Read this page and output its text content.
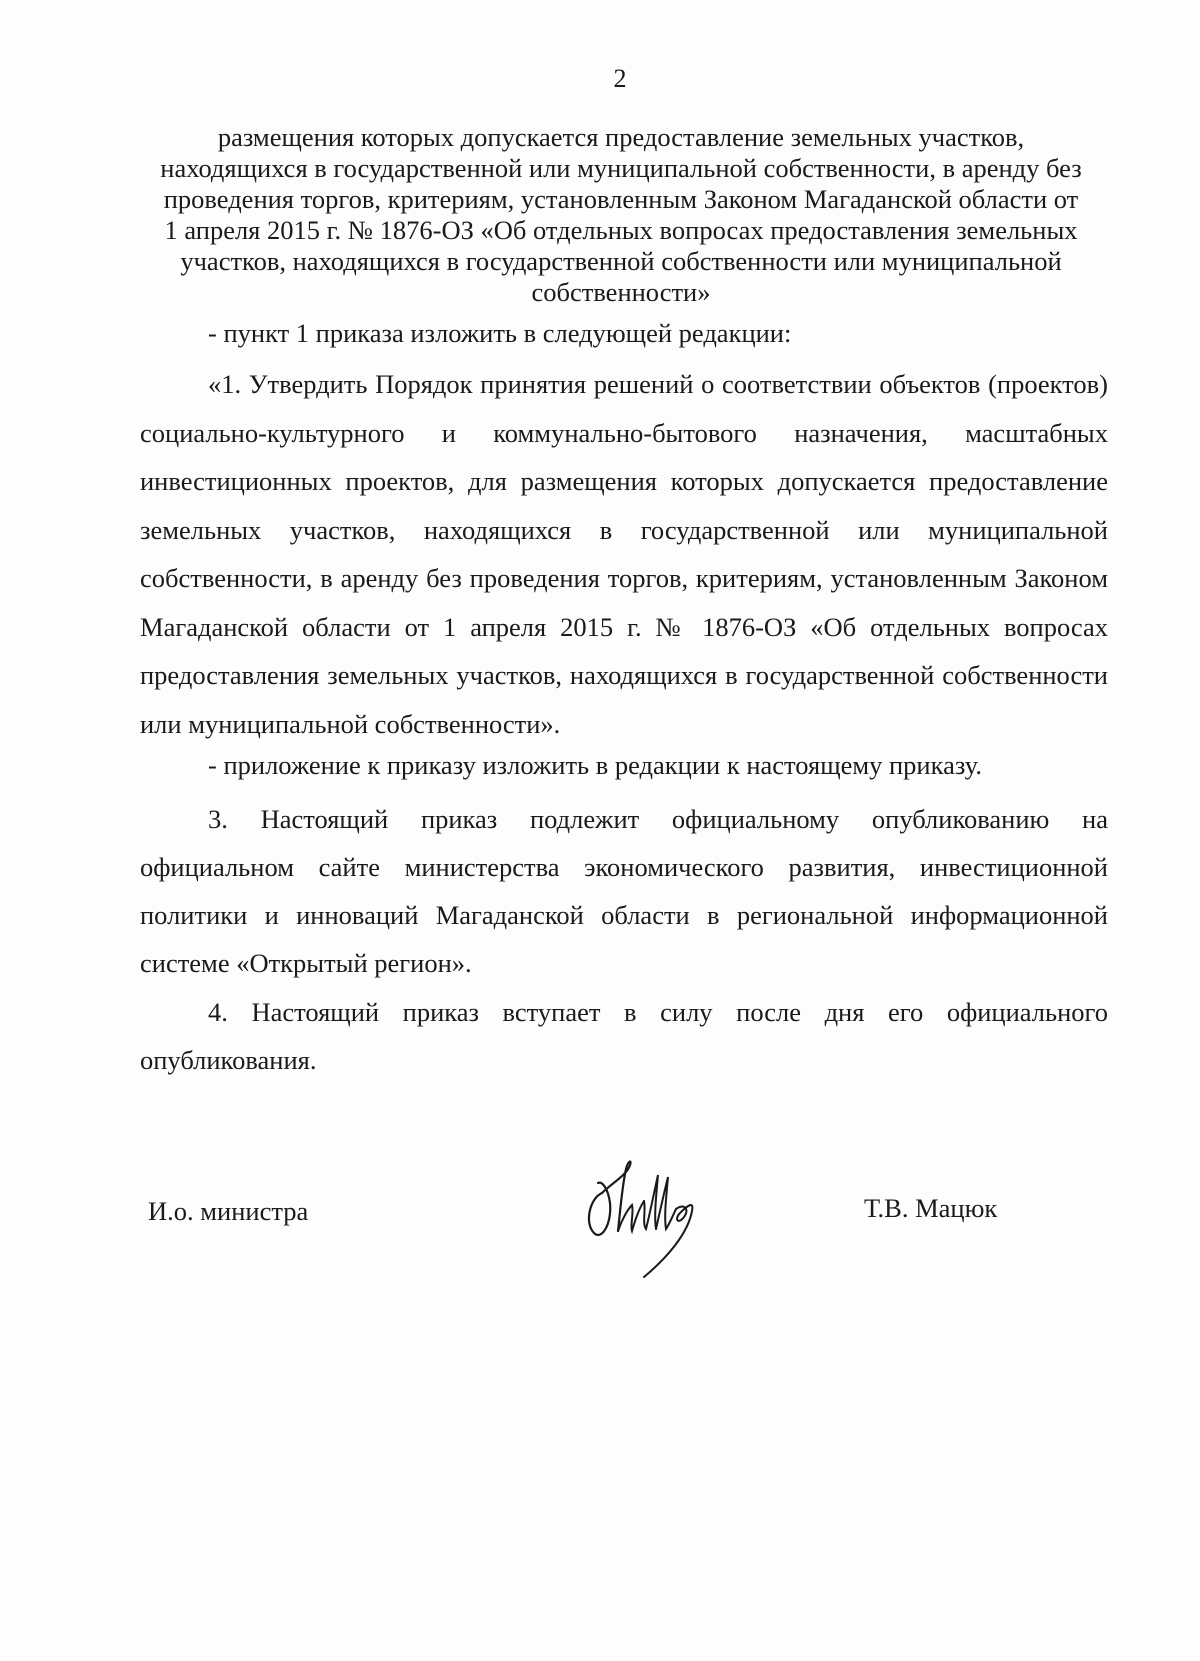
2
размещения которых допускается предоставление земельных участков,
находящихся в государственной или муниципальной собственности, в аренду без
проведения торгов, критериям, установленным Законом Магаданской области от
1 апреля 2015 г. № 1876-ОЗ «Об отдельных вопросах предоставления земельных
участков, находящихся в государственной собственности или муниципальной
собственности»

- пункт 1 приказа изложить в следующей редакции:

«1. Утвердить Порядок принятия решений о соответствии объектов (проектов) социально-культурного и коммунально-бытового назначения, масштабных инвестиционных проектов, для размещения которых допускается предоставление земельных участков, находящихся в государственной или муниципальной собственности, в аренду без проведения торгов, критериям, установленным Законом Магаданской области от 1 апреля 2015 г. № 1876-ОЗ «Об отдельных вопросах предоставления земельных участков, находящихся в государственной собственности или муниципальной собственности».

- приложение к приказу изложить в редакции к настоящему приказу.

3. Настоящий приказ подлежит официальному опубликованию на официальном сайте министерства экономического развития, инвестиционной политики и инноваций Магаданской области в региональной информационной системе «Открытый регион».

4. Настоящий приказ вступает в силу после дня его официального опубликования.

И.о. министра	Т.В. Мацюк
